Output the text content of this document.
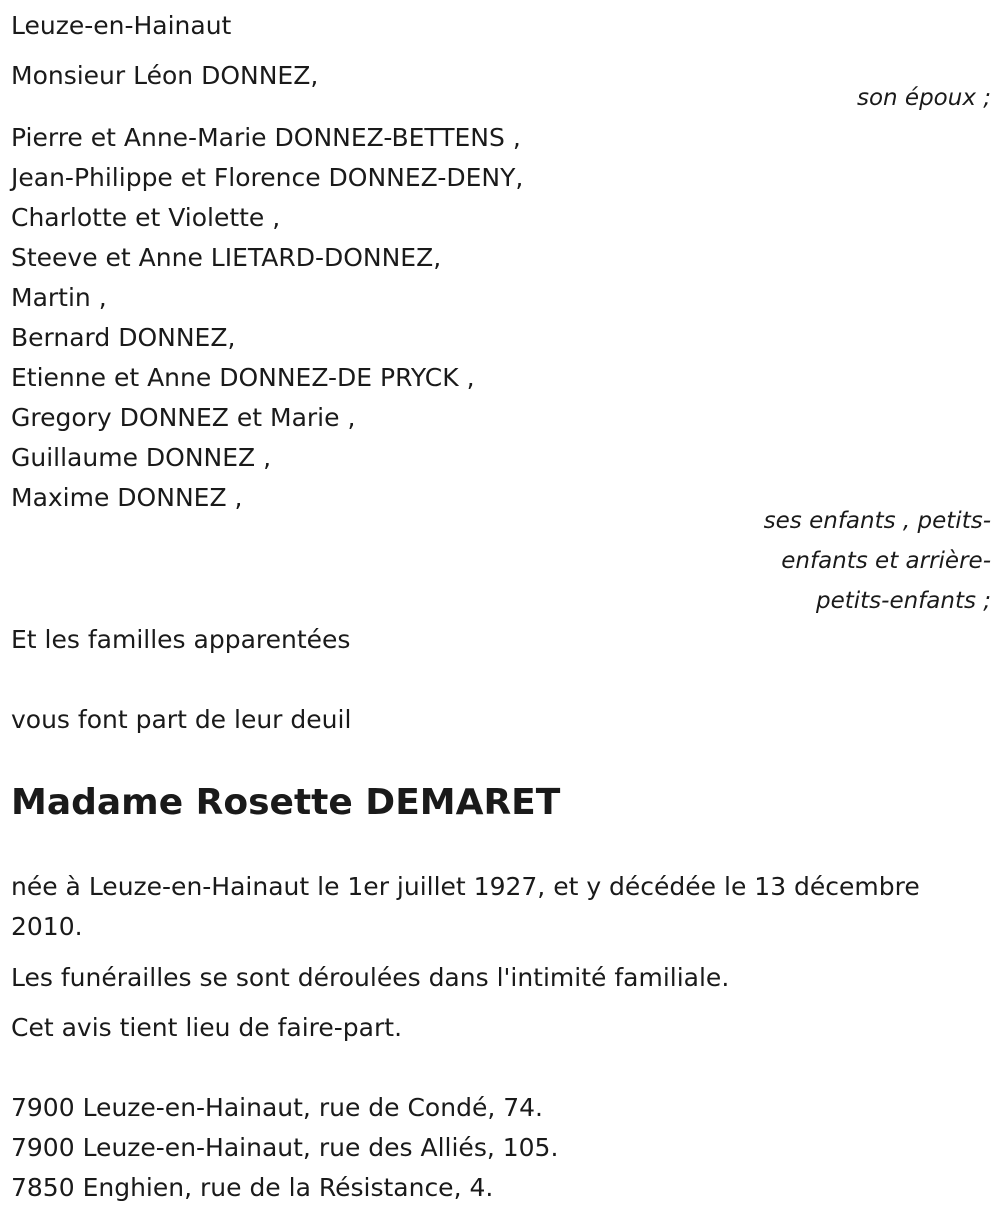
Leuze-en-Hainaut

Monsieur Léon DONNEZ,

son époux ;

Pierre et Anne-Marie DONNEZ-BETTENS ,

Jean-Philippe et Florence DONNEZ-DENY,

Charlotte et Violette ,

Steeve et Anne LIETARD-DONNEZ,

Martin ,

Bernard DONNEZ,

Etienne et Anne DONNEZ-DE PRYCK ,

Gregory DONNEZ et Marie ,

Guillaume DONNEZ ,

Maxime DONNEZ ,

ses enfants , petits-
enfants et arrière-
petits-enfants ;

Et les familles apparentées

vous font part de leur deuil

Madame Rosette DEMARET

née à Leuze-en-Hainaut le 1er juillet 1927, et y décédée le 13 décembre 2010.

Les funérailles se sont déroulées dans l'intimité familiale.

Cet avis tient lieu de faire-part.

7900 Leuze-en-Hainaut, rue de Condé, 74.

7900 Leuze-en-Hainaut, rue des Alliés, 105.

7850 Enghien, rue de la Résistance, 4.
